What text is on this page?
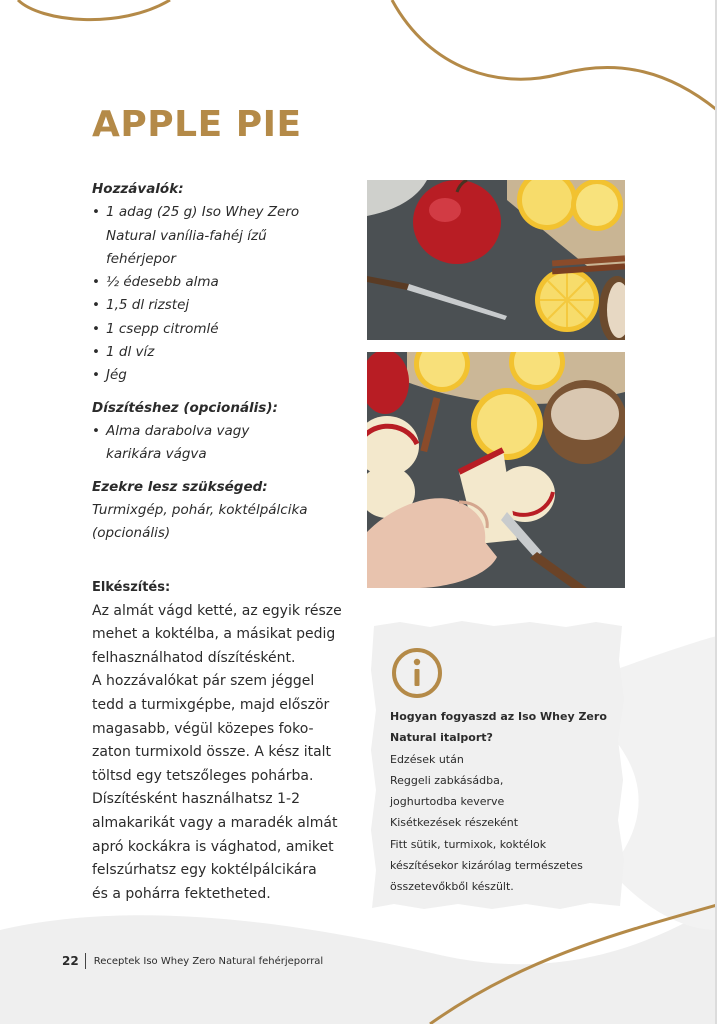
APPLE PIE
Hozzávalók:
• 1 adag (25 g) Iso Whey Zero
Natural vanília-fahéj ízű
fehérjepor
• ½ édesebb alma
• 1,5 dl rizstej
• 1 csepp citromlé
• 1 dl víz
• Jég
Díszítéshez (opcionális):
• Alma darabolva vagy
karikára vágva
Ezekre lesz szükséged:

Turmixgép, pohár, koktélpálcika
(opcionális)

Elkészítés:
Az almát vágd ketté, az egyik része
mehet a koktélba, a másikat pedig
felhasználhatod díszítésként.
A hozzávalókat pár szem jéggel
tedd a turmixgépbe, majd először
magasabb, végül közepes foko-
zaton turmixold össze. A kész italt
töltsd egy tetszőleges pohárba.
Díszítésként használhatsz 1-2
almakarikát vagy a maradék almát
apró kockákra is vághatod, amiket
felszúrhatsz egy koktélpálcikára
és a pohárra fektetheted.
Hogyan fogyaszd az Iso Whey Zero
Natural italport?
Edzések után
Reggeli zabkásádba,
joghurtodba keverve
Kisétkezések részeként
Fitt sütik, turmixok, koktélok
készítésekor kizárólag természetes
összetevőkből készült.
22	Receptek Iso Whey Zero Natural fehérjeporral
